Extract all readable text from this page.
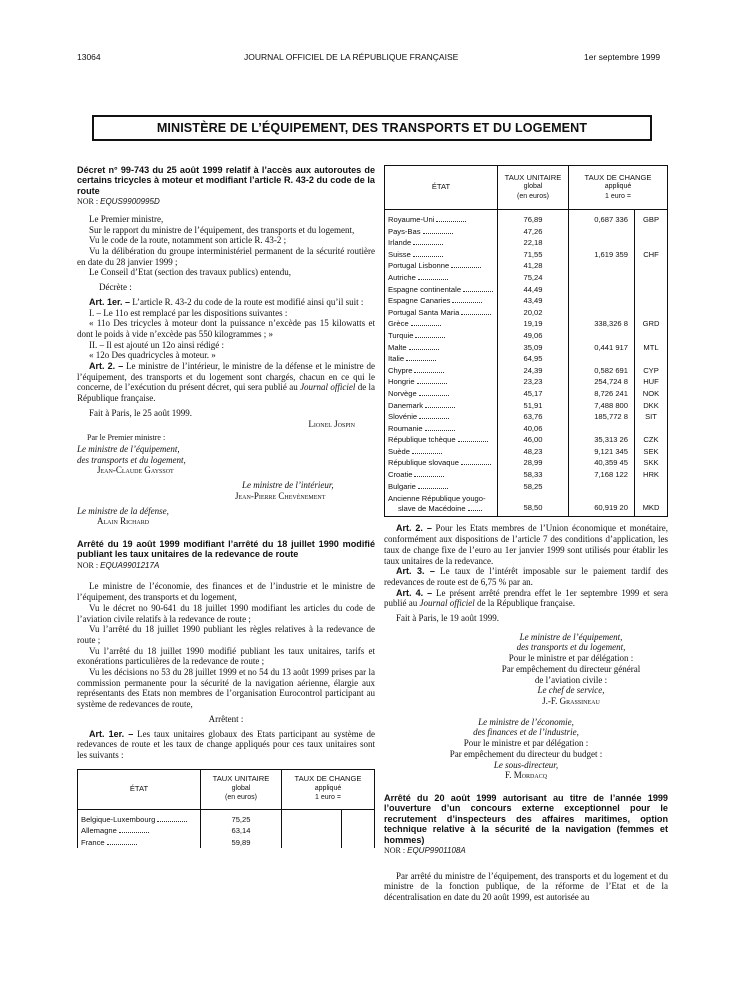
13064	JOURNAL OFFICIEL DE LA RÉPUBLIQUE FRANÇAISE	1er septembre 1999
MINISTÈRE DE L’ÉQUIPEMENT, DES TRANSPORTS ET DU LOGEMENT

Décret n° 99-743 du 25 août 1999 relatif à l’accès aux autoroutes de certains tricycles à moteur et modifiant l’article R. 43-2 du code de la route

NOR : EQUS9900995D

Le Premier ministre,

Sur le rapport du ministre de l’équipement, des transports et du logement,

Vu le code de la route, notamment son article R. 43-2 ;

Vu la délibération du groupe interministériel permanent de la sécurité routière en date du 28 janvier 1999 ;

Le Conseil d’Etat (section des travaux publics) entendu,

Décrète :

Art. 1er. – L’article R. 43-2 du code de la route est modifié ainsi qu’il suit :

I. – Le 11o est remplacé par les dispositions suivantes :

« 11o Des tricycles à moteur dont la puissance n’excède pas 15 kilowatts et dont le poids à vide n’excède pas 550 kilogrammes ; »

II. – Il est ajouté un 12o ainsi rédigé :

« 12o Des quadricycles à moteur. »

Art. 2. – Le ministre de l’intérieur, le ministre de la défense et le ministre de l’équipement, des transports et du logement sont chargés, chacun en ce qui le concerne, de l’exécution du présent décret, qui sera publié au Journal officiel de la République française.

Fait à Paris, le 25 août 1999.

Lionel Jospin

Par le Premier ministre :

Le ministre de l’équipement,

des transports et du logement,

Jean-Claude Gayssot

Le ministre de l’intérieur,

Jean-Pierre Chevènement

Le ministre de la défense,

Alain Richard

Arrêté du 19 août 1999 modifiant l’arrêté du 18 juillet 1990 modifié publiant les taux unitaires de la redevance de route

NOR : EQUA9901217A

Le ministre de l’économie, des finances et de l’industrie et le ministre de l’équipement, des transports et du logement,

Vu le décret no 90-641 du 18 juillet 1990 modifiant les articles du code de l’aviation civile relatifs à la redevance de route ;

Vu l’arrêté du 18 juillet 1990 publiant les règles relatives à la redevance de route ;

Vu l’arrêté du 18 juillet 1990 modifié publiant les taux unitaires, tarifs et exonérations particulières de la redevance de route ;

Vu les décisions no 53 du 28 juillet 1999 et no 54 du 13 août 1999 prises par la commission permanente pour la sécurité de la navigation aérienne, élargie aux représentants des Etats non membres de l’organisation Eurocontrol participant au système de redevances de route,

Arrêtent :

Art. 1er. – Les taux unitaires globaux des Etats participant au système de redevances de route et les taux de change appliqués pour ces taux unitaires sont les suivants :

ÉTAT	TAUX UNITAIRE
global
(en euros)	TAUX DE CHANGE
appliqué
1 euro =	
Belgique-Luxembourg	75,25		
Allemagne	63,14		
France	59,89		
ÉTAT	TAUX UNITAIRE
global
(en euros)	TAUX DE CHANGE
appliqué
1 euro =	
Royaume-Uni	76,89	0,687 336	GBP
Pays-Bas	47,26		
Irlande	22,18		
Suisse	71,55	1,619 359	CHF
Portugal Lisbonne	41,28		
Autriche	75,24		
Espagne continentale	44,49		
Espagne Canaries	43,49		
Portugal Santa Maria	20,02		
Grèce	19,19	338,326 8	GRD
Turquie	49,06		
Malte	35,09	0,441 917	MTL
Italie	64,95		
Chypre	24,39	0,582 691	CYP
Hongrie	23,23	254,724 8	HUF
Norvège	45,17	8,726 241	NOK
Danemark	51,91	7,488 800	DKK
Slovénie	63,76	185,772 8	SIT
Roumanie	40,06		
République tchèque	46,00	35,313 26	CZK
Suède	48,23	9,121 345	SEK
République slovaque	28,99	40,359 45	SKK
Croatie	58,33	7,168 122	HRK
Bulgarie	58,25		
Ancienne République yougo-
slave de Macédoine	58,50	60,919 20	MKD

Art. 2. – Pour les Etats membres de l’Union économique et monétaire, conformément aux dispositions de l’article 7 des conditions d’application, les taux de change fixe de l’euro au 1er janvier 1999 sont utilisés pour établir les taux unitaires de la redevance.

Art. 3. – Le taux de l’intérêt imposable sur le paiement tardif des redevances de route est de 6,75 % par an.

Art. 4. – Le présent arrêté prendra effet le 1er septembre 1999 et sera publié au Journal officiel de la République française.

Fait à Paris, le 19 août 1999.

Le ministre de l’équipement,
des transports et du logement,
Pour le ministre et par délégation :
Par empêchement du directeur général
de l’aviation civile :
Le chef de service,
J.-F. Grassineau
Le ministre de l’économie,
des finances et de l’industrie,
Pour le ministre et par délégation :
Par empêchement du directeur du budget :
Le sous-directeur,
F. Mordacq

Arrêté du 20 août 1999 autorisant au titre de l’année 1999 l’ouverture d’un concours externe exceptionnel pour le recrutement d’inspecteurs des affaires maritimes, option technique relative à la sécurité de la navigation (femmes et hommes)

NOR : EQUP9901108A

Par arrêté du ministre de l’équipement, des transports et du logement et du ministre de la fonction publique, de la réforme de l’Etat et de la décentralisation en date du 20 août 1999, est autorisée au
